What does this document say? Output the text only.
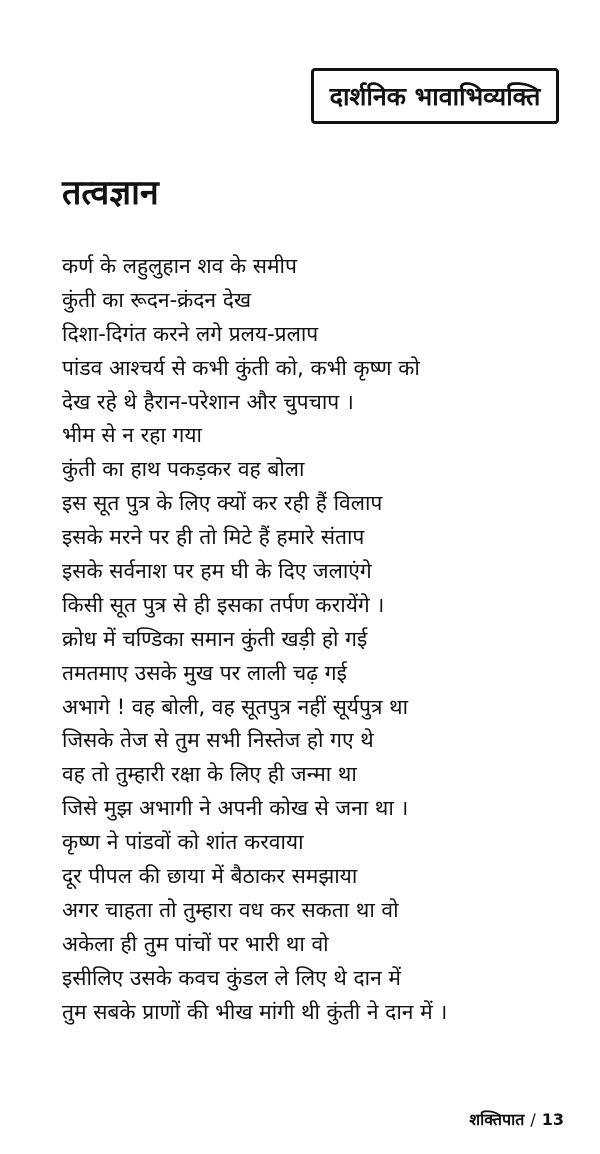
दार्शनिक भावाभिव्यक्ति
तत्वज्ञान
कर्ण के लहुलुहान शव के समीप
कुंती का रूदन-क्रंदन देख
दिशा-दिगंत करने लगे प्रलय-प्रलाप
पांडव आश्चर्य से कभी कुंती को, कभी कृष्ण को
देख रहे थे हैरान-परेशान और चुपचाप ।
भीम से न रहा गया
कुंती का हाथ पकड़कर वह बोला
इस सूत पुत्र के लिए क्यों कर रही हैं विलाप
इसके मरने पर ही तो मिटे हैं हमारे संताप
इसके सर्वनाश पर हम घी के दिए जलाएंगे
किसी सूत पुत्र से ही इसका तर्पण करायेंगे ।
क्रोध में चण्डिका समान कुंती खड़ी हो गई
तमतमाए उसके मुख पर लाली चढ़ गई
अभागे ! वह बोली, वह सूतपुत्र नहीं सूर्यपुत्र था
जिसके तेज से तुम सभी निस्तेज हो गए थे
वह तो तुम्हारी रक्षा के लिए ही जन्मा था
जिसे मुझ अभागी ने अपनी कोख से जना था ।
कृष्ण ने पांडवों को शांत करवाया
दूर पीपल की छाया में बैठाकर समझाया
अगर चाहता तो तुम्हारा वध कर सकता था वो
अकेला ही तुम पांचों पर भारी था वो
इसीलिए उसके कवच कुंडल ले लिए थे दान में
तुम सबके प्राणों की भीख मांगी थी कुंती ने दान में ।
शक्तिपात / 13
